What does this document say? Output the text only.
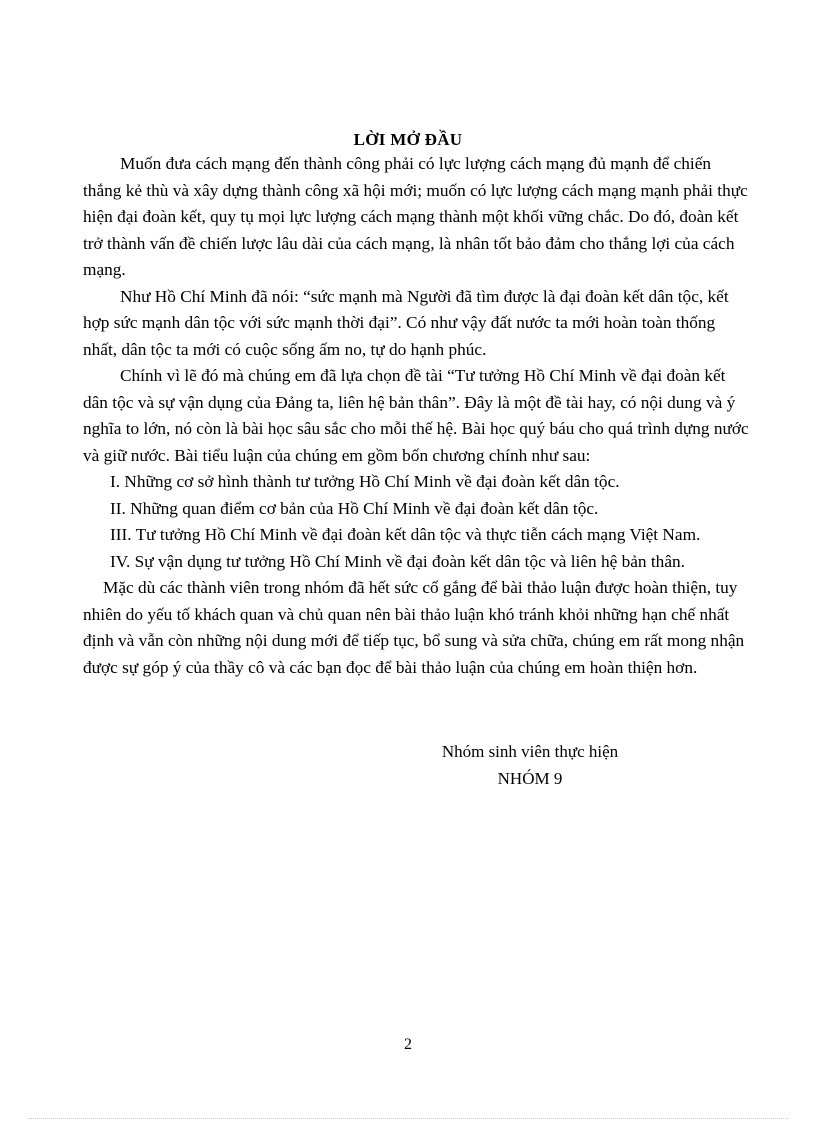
LỜI MỞ ĐẦU

Muốn đưa cách mạng đến thành công phải có lực lượng cách mạng đủ mạnh để chiến thắng kẻ thù và xây dựng thành công xã hội mới; muốn có lực lượng cách mạng mạnh phải thực hiện đại đoàn kết, quy tụ mọi lực lượng cách mạng thành một khối vững chắc. Do đó, đoàn kết trở thành vấn đề chiến lược lâu dài của cách mạng, là nhân tốt bảo đảm cho thắng lợi của cách mạng.

Như Hồ Chí Minh đã nói: “sức mạnh mà Người đã tìm được là đại đoàn kết dân tộc, kết hợp sức mạnh dân tộc với sức mạnh thời đại”. Có như vậy đất nước ta mới hoàn toàn thống nhất, dân tộc ta mới có cuộc sống ấm no, tự do hạnh phúc.

Chính vì lẽ đó mà chúng em đã lựa chọn đề tài “Tư tưởng Hồ Chí Minh về đại đoàn kết dân tộc và sự vận dụng của Đảng ta, liên hệ bản thân”. Đây là một đề tài hay, có nội dung và ý nghĩa to lớn, nó còn là bài học sâu sắc cho mỗi thế hệ. Bài học quý báu cho quá trình dựng nước và giữ nước. Bài tiểu luận của chúng em gồm bốn chương chính như sau:

I. Những cơ sở hình thành tư tưởng Hồ Chí Minh về đại đoàn kết dân tộc.

II. Những quan điểm cơ bản của Hồ Chí Minh về đại đoàn kết dân tộc.

III. Tư tưởng Hồ Chí Minh về đại đoàn kết dân tộc và thực tiễn cách mạng Việt Nam.

IV. Sự vận dụng tư tưởng Hồ Chí Minh về đại đoàn kết dân tộc và liên hệ bản thân.

Mặc dù các thành viên trong nhóm đã hết sức cố gắng để bài thảo luận được hoàn thiện, tuy nhiên do yếu tố khách quan và chủ quan nên bài thảo luận khó tránh khỏi những hạn chế nhất định và vẫn còn những nội dung mới để tiếp tục, bổ sung và sửa chữa, chúng em rất mong nhận được sự góp ý của thầy cô và các bạn đọc để bài thảo luận của chúng em hoàn thiện hơn.

Nhóm sinh viên thực hiện
NHÓM 9
2
